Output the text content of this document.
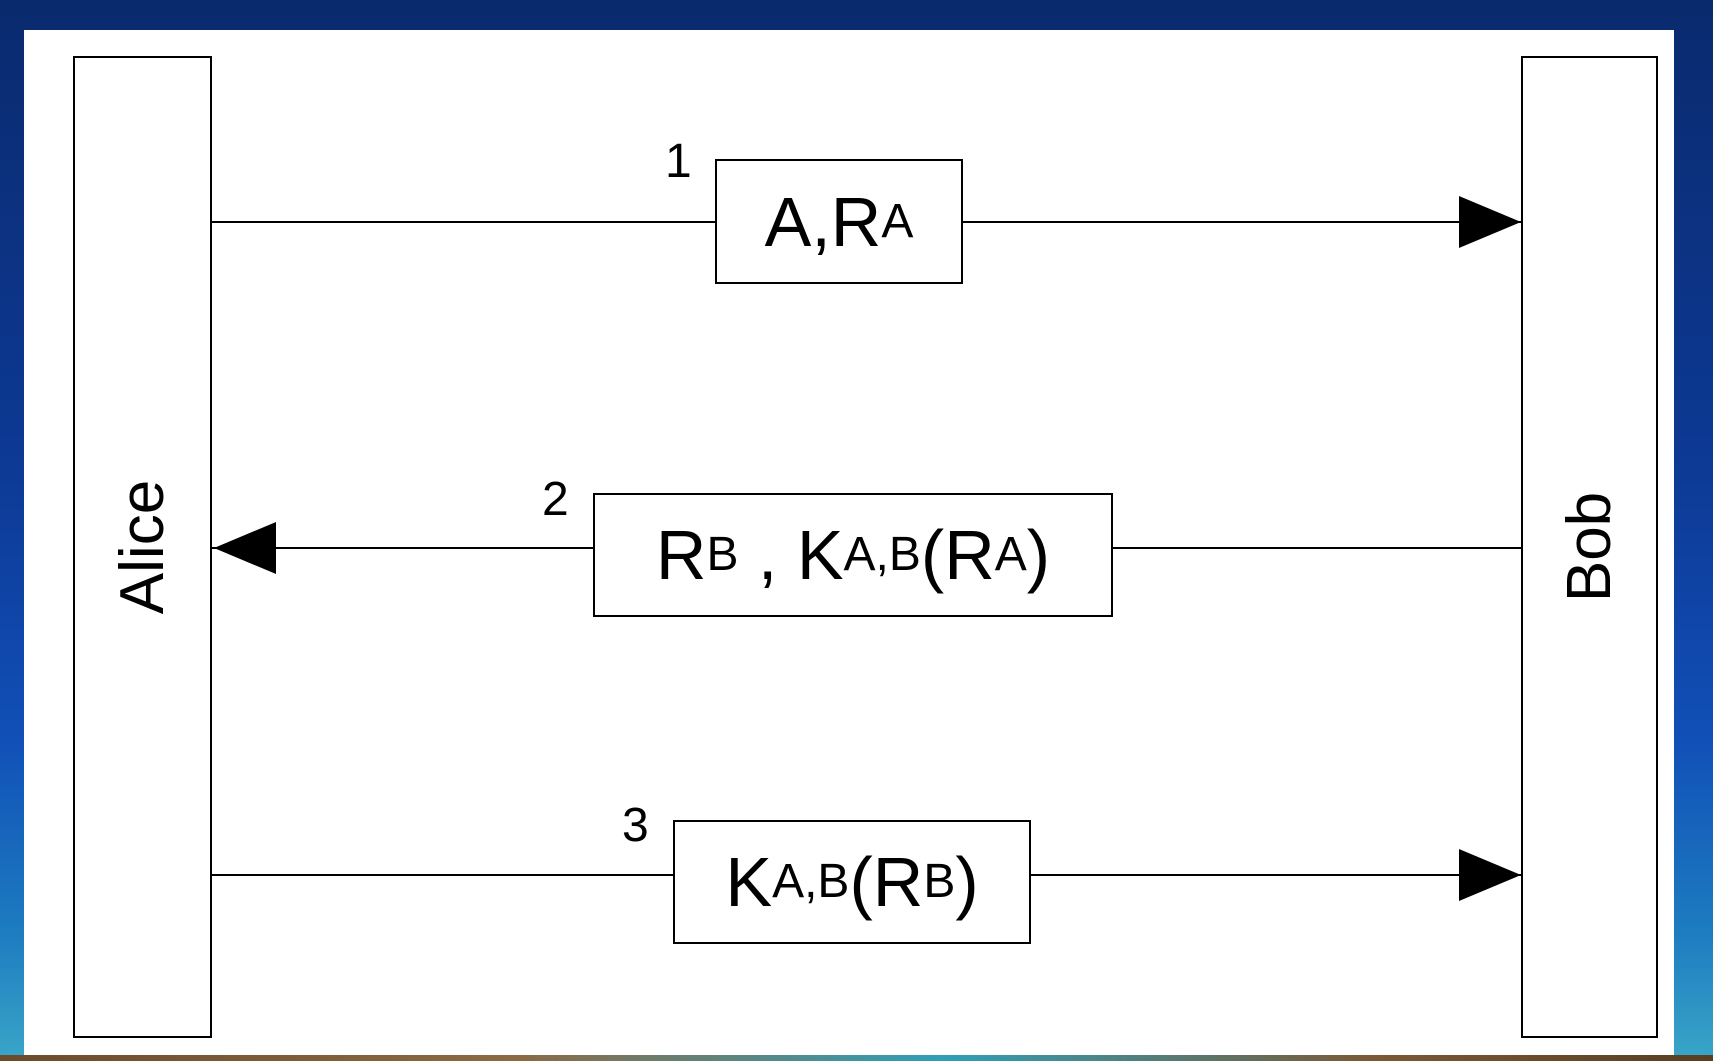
Alice	Bob
1
A , R A
2
R B , K A,B ( R A )
3
K A,B ( R B )
